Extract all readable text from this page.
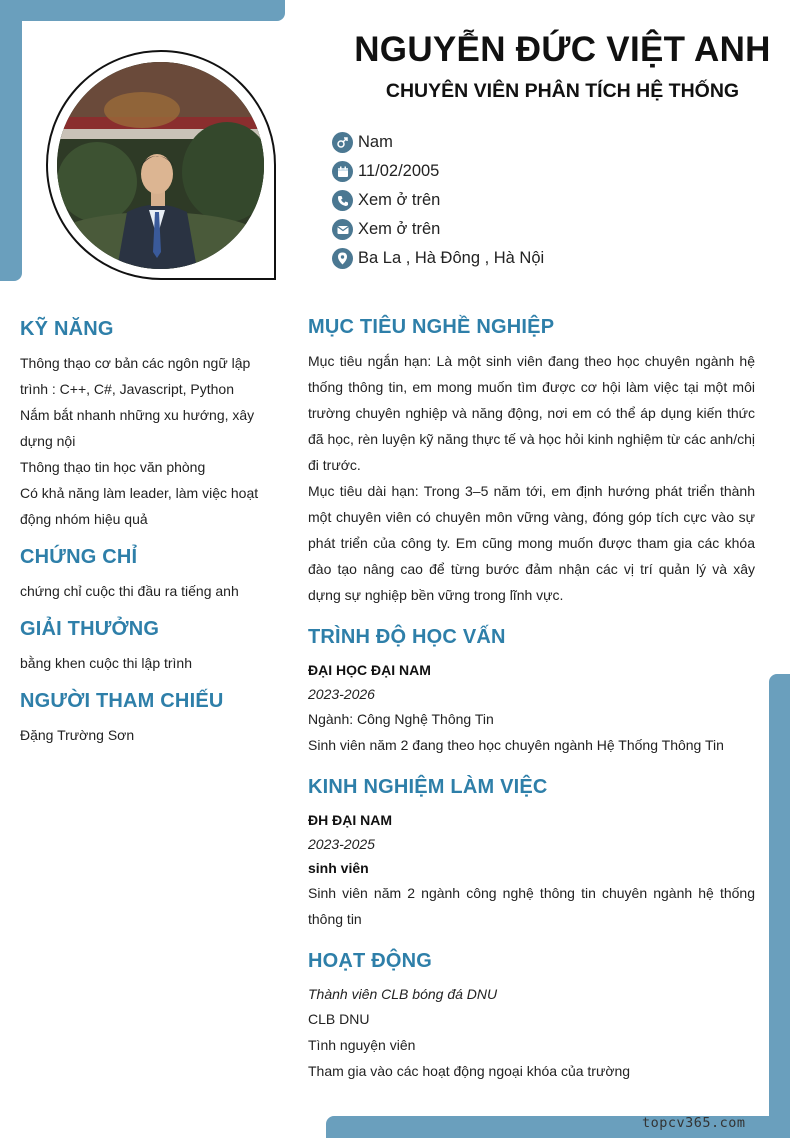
NGUYỄN ĐỨC VIỆT ANH
CHUYÊN VIÊN PHÂN TÍCH HỆ THỐNG
Nam
11/02/2005
Xem ở trên
Xem ở trên
Ba La , Hà Đông , Hà Nội
KỸ NĂNG
Thông thạo cơ bản các ngôn ngữ lập trình : C++, C#, Javascript, Python
Nắm bắt nhanh những xu hướng, xây dựng nội
Thông thạo tin học văn phòng
Có khả năng làm leader, làm việc hoạt động nhóm hiệu quả
CHỨNG CHỈ
chứng chỉ cuộc thi đầu ra tiếng anh
GIẢI THƯỞNG
bằng khen cuộc thi lập trình
NGƯỜI THAM CHIẾU
Đặng Trường Sơn
MỤC TIÊU NGHỀ NGHIỆP
Mục tiêu ngắn hạn: Là một sinh viên đang theo học chuyên ngành hệ thống thông tin, em mong muốn tìm được cơ hội làm việc tại một môi trường chuyên nghiệp và năng động, nơi em có thể áp dụng kiến thức đã học, rèn luyện kỹ năng thực tế và học hỏi kinh nghiệm từ các anh/chị đi trước.
Mục tiêu dài hạn: Trong 3–5 năm tới, em định hướng phát triển thành một chuyên viên có chuyên môn vững vàng, đóng góp tích cực vào sự phát triển của công ty. Em cũng mong muốn được tham gia các khóa đào tạo nâng cao để từng bước đảm nhận các vị trí quản lý và xây dựng sự nghiệp bền vững trong lĩnh vực.
TRÌNH ĐỘ HỌC VẤN
ĐẠI HỌC ĐẠI NAM
2023-2026
Ngành: Công Nghệ Thông Tin
Sinh viên năm 2 đang theo học chuyên ngành Hệ Thống Thông Tin
KINH NGHIỆM LÀM VIỆC
ĐH ĐẠI NAM
2023-2025
sinh viên
Sinh viên năm 2 ngành công nghệ thông tin chuyên ngành hệ thống thông tin
HOẠT ĐỘNG
Thành viên CLB bóng đá DNU
CLB DNU
Tình nguyện viên
Tham gia vào các hoạt động ngoại khóa của trường
topcv365.com
